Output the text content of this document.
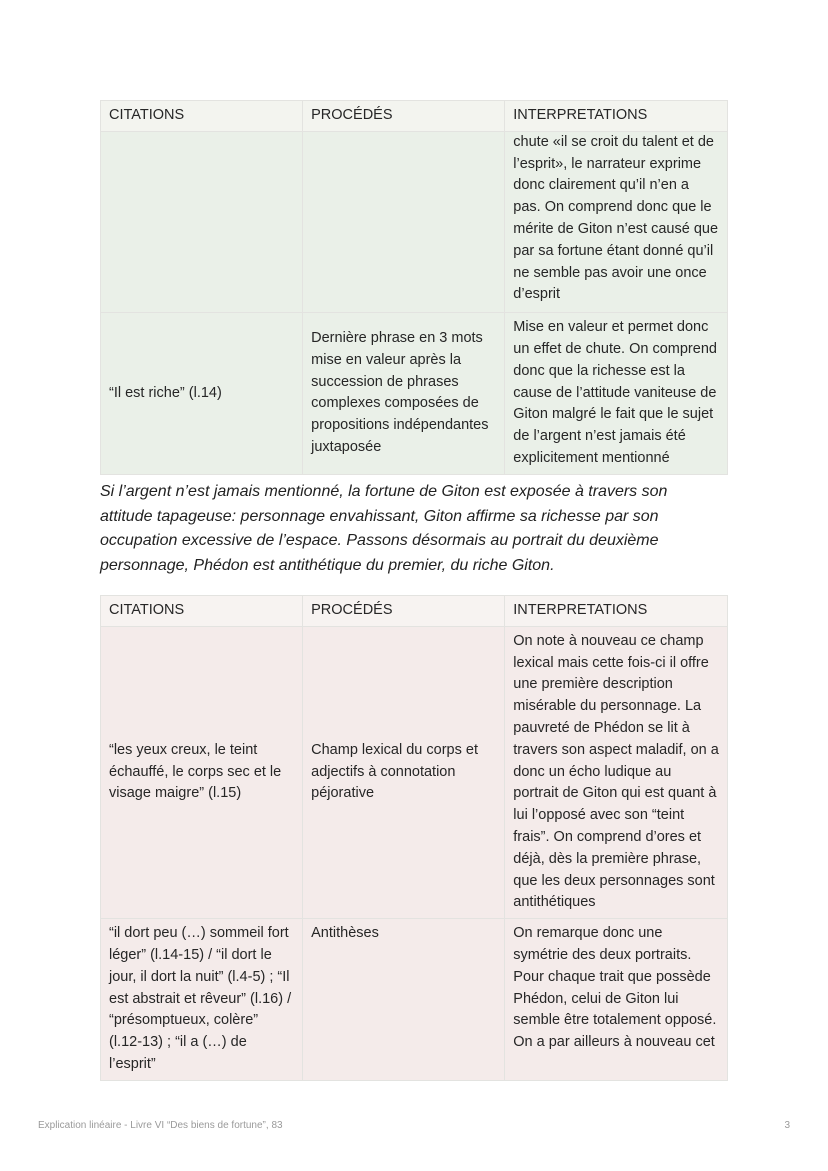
CITATIONS	PROCÉDÉS	INTERPRETATIONS
		chute «il se croit du talent et de l’esprit», le narrateur exprime donc clairement qu’il n’en a pas. On comprend donc que le mérite de Giton n’est causé que par sa fortune étant donné qu’il ne semble pas avoir une once d’esprit
“Il est riche” (l.14)	Dernière phrase en 3 mots mise en valeur après la succession de phrases complexes composées de propositions indépendantes juxtaposée	Mise en valeur et permet donc un effet de chute. On comprend donc que la richesse est la cause de l’attitude vaniteuse de Giton malgré le fait que le sujet de l’argent n’est jamais été explicitement mentionné

Si l’argent n’est jamais mentionné, la fortune de Giton est exposée à travers son attitude tapageuse: personnage envahissant, Giton affirme sa richesse par son occupation excessive de l’espace. Passons désormais au portrait du deuxième personnage, Phédon est antithétique du premier, du riche Giton.

CITATIONS	PROCÉDÉS	INTERPRETATIONS
“les yeux creux, le teint échauffé, le corps sec et le visage maigre” (l.15)	Champ lexical du corps et adjectifs à connotation péjorative	On note à nouveau ce champ lexical mais cette fois-ci il offre une première description misérable du personnage. La pauvreté de Phédon se lit à travers son aspect maladif, on a donc un écho ludique au portrait de Giton qui est quant à lui l’opposé avec son “teint frais”. On comprend d’ores et déjà, dès la première phrase, que les deux personnages sont antithétiques
“il dort peu (…) sommeil fort léger” (l.14-15) / “il dort le jour, il dort la nuit” (l.4-5) ; “Il est abstrait et rêveur” (l.16) / “présomptueux, colère” (l.12-13) ; “il a (…) de l’esprit”	Antithèses	On remarque donc une symétrie des deux portraits. Pour chaque trait que possède Phédon, celui de Giton lui semble être totalement opposé. On a par ailleurs à nouveau cet
Explication linéaire - Livre VI “Des biens de fortune”, 83	3
